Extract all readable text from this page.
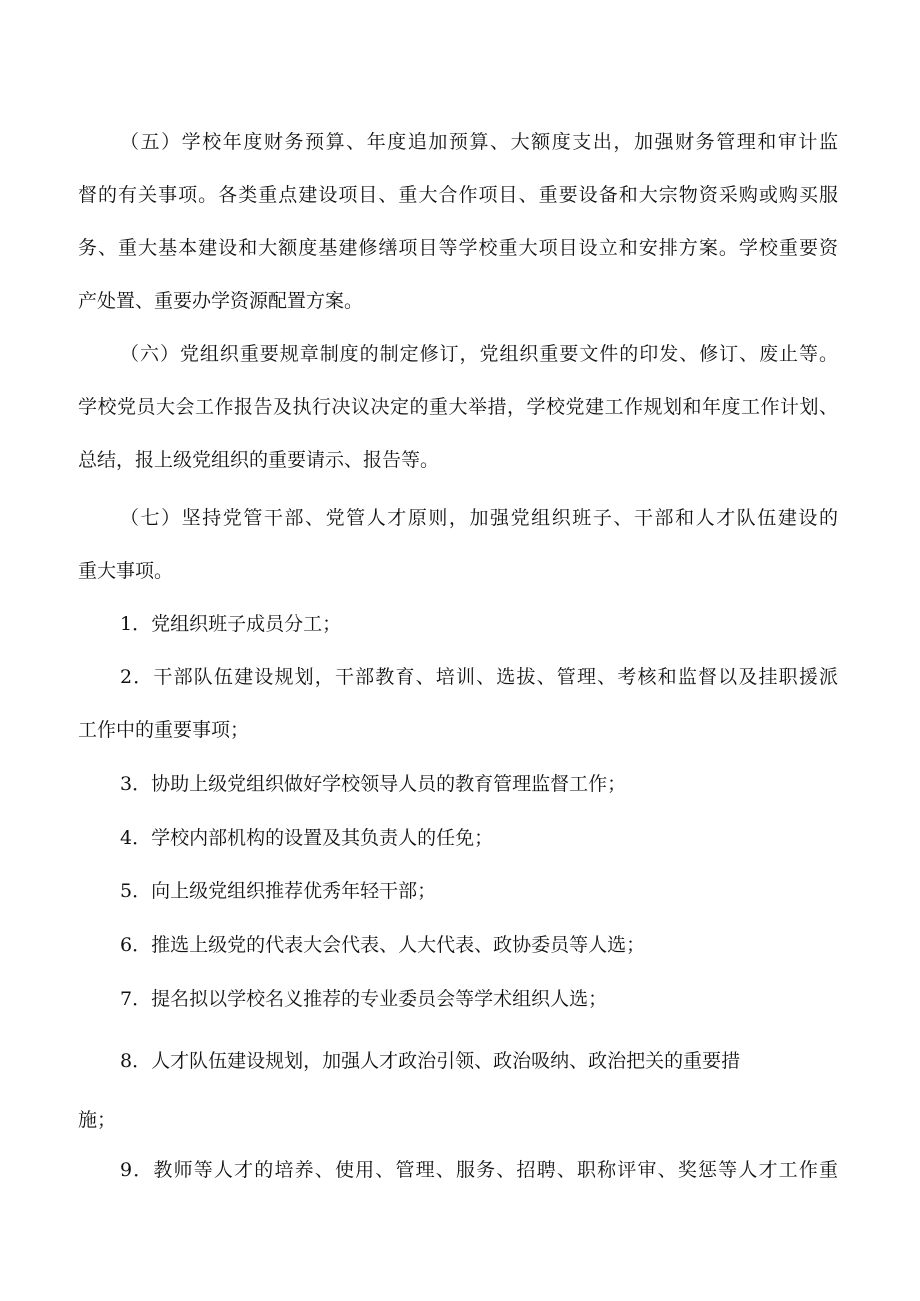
（五）学校年度财务预算、年度追加预算、大额度支出，加强财务管理和审计监
督的有关事项。各类重点建设项目、重大合作项目、重要设备和大宗物资采购或购买服
务、重大基本建设和大额度基建修缮项目等学校重大项目设立和安排方案。学校重要资
产处置、重要办学资源配置方案。
（六）党组织重要规章制度的制定修订，党组织重要文件的印发、修订、废止等。
学校党员大会工作报告及执行决议决定的重大举措，学校党建工作规划和年度工作计划、
总结，报上级党组织的重要请示、报告等。
（七）坚持党管干部、党管人才原则，加强党组织班子、干部和人才队伍建设的
重大事项。
1．党组织班子成员分工；
2．干部队伍建设规划，干部教育、培训、选拔、管理、考核和监督以及挂职援派
工作中的重要事项；
3．协助上级党组织做好学校领导人员的教育管理监督工作；
4．学校内部机构的设置及其负责人的任免；
5．向上级党组织推荐优秀年轻干部；
6．推选上级党的代表大会代表、人大代表、政协委员等人选；
7．提名拟以学校名义推荐的专业委员会等学术组织人选；
8．人才队伍建设规划，加强人才政治引领、政治吸纳、政治把关的重要措
施；
9．教师等人才的培养、使用、管理、服务、招聘、职称评审、奖惩等人才工作重
